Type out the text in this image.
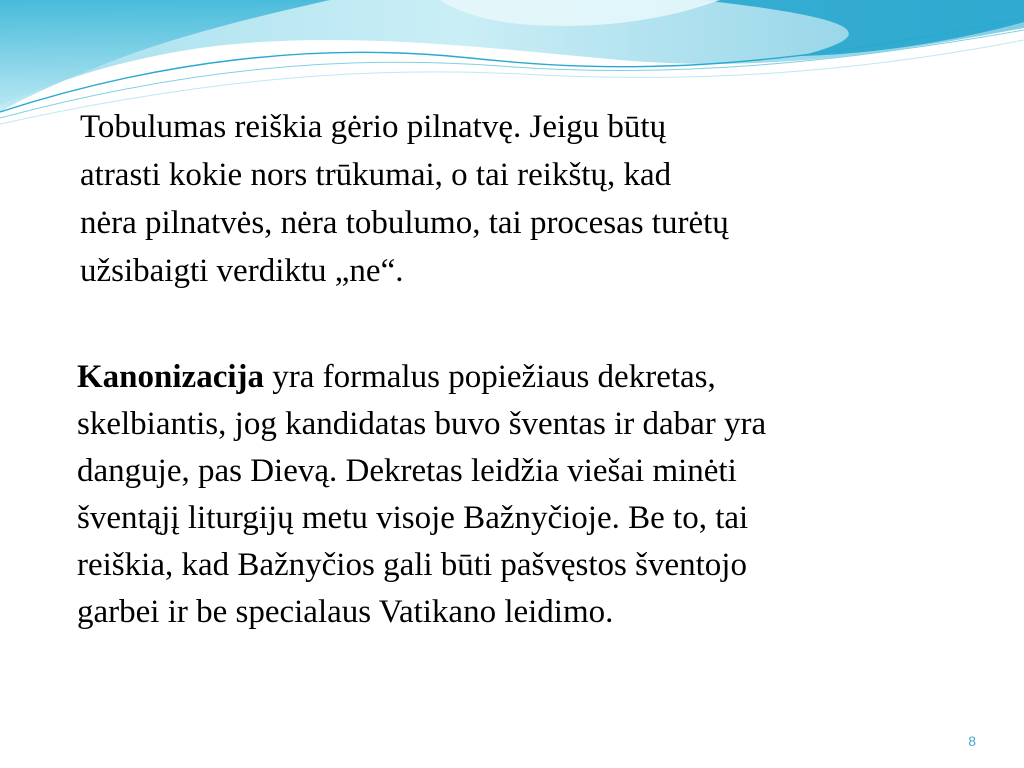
Tobulumas reiškia gėrio pilnatvę. Jeigu būtų
atrasti kokie nors trūkumai, o tai reikštų, kad
nėra pilnatvės, nėra tobulumo, tai procesas turėtų
užsibaigti verdiktu „ne“.

Kanonizacija yra formalus popiežiaus dekretas,
skelbiantis, jog kandidatas buvo šventas ir dabar yra
danguje, pas Dievą. Dekretas leidžia viešai minėti
šventąjį liturgijų metu visoje Bažnyčioje. Be to, tai
reiškia, kad Bažnyčios gali būti pašvęstos šventojo
garbei ir be specialaus Vatikano leidimo.

8
